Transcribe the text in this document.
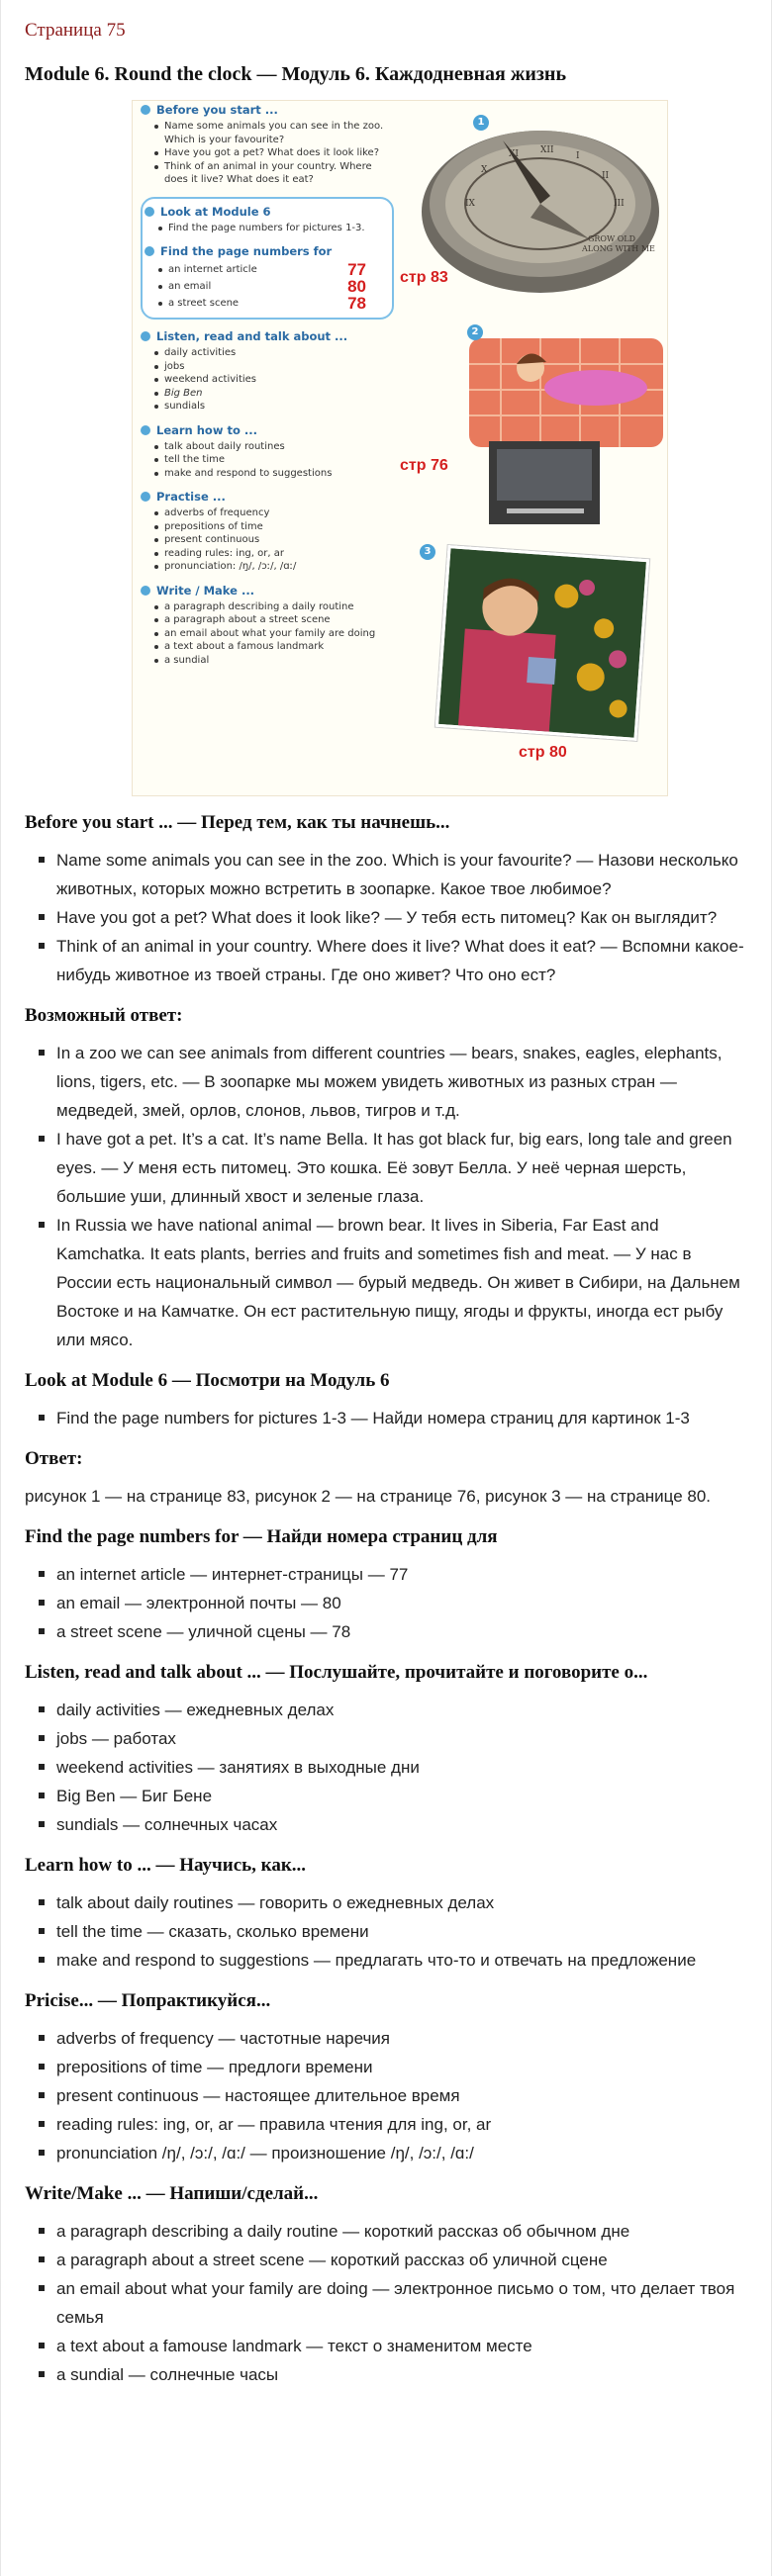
Страница 75
Module 6. Round the clock — Модуль 6. Каждодневная жизнь
Before you start ...
Name some animals you can see in the zoo. Which is your favourite?
Have you got a pet? What does it look like?
Think of an animal in your country. Where does it live? What does it eat?
Look at Module 6
Find the page numbers for pictures 1-3.
Find the page numbers for
an internet article	77
an email	80
a street scene	78
Listen, read and talk about ...
daily activities
jobs
weekend activities
Big Ben
sundials
Learn how to ...
talk about daily routines
tell the time
make and respond to suggestions
Practise ...
adverbs of frequency
prepositions of time
present continuous
reading rules: ing, or, ar
pronunciation: /ŋ/, /ɔː/, /ɑː/
Write / Make ...
a paragraph describing a daily routine
a paragraph about a street scene
an email about what your family are doing
a text about a famous landmark
a sundial
GROW OLD
ALONG WITH ME
IX
X
XI XII
I
II
III
1
стр 83
2
стр 76
3
стр 80
Before you start ... — Перед тем, как ты начнешь...
Name some animals you can see in the zoo. Which is your favourite? — Назови несколько животных, которых можно встретить в зоопарке. Какое твое любимое?
Have you got a pet? What does it look like? — У тебя есть питомец? Как он выглядит?
Think of an animal in your country. Where does it live? What does it eat? — Вспомни какое-нибудь животное из твоей страны. Где оно живет? Что оно ест?
Возможный ответ:
In a zoo we can see animals from different countries — bears, snakes, eagles, elephants, lions, tigers, etc. — В зоопарке мы можем увидеть животных из разных стран — медведей, змей, орлов, слонов, львов, тигров и т.д.
I have got a pet. It’s a cat. It’s name Bella. It has got black fur, big ears, long tale and green eyes. — У меня есть питомец. Это кошка. Её зовут Белла. У неё черная шерсть, большие уши, длинный хвост и зеленые глаза.
In Russia we have national animal — brown bear. It lives in Siberia, Far East and Kamchatka. It eats plants, berries and fruits and sometimes fish and meat. — У нас в России есть национальный символ — бурый медведь. Он живет в Сибири, на Дальнем Востоке и на Камчатке. Он ест растительную пищу, ягоды и фрукты, иногда ест рыбу или мясо.
Look at Module 6 — Посмотри на Модуль 6
Find the page numbers for pictures 1-3 — Найди номера страниц для картинок 1-3
Ответ:

рисунок 1 — на странице 83, рисунок 2 — на странице 76, рисунок 3 — на странице 80.

Find the page numbers for — Найди номера страниц для
an internet article — интернет-страницы — 77
an email — электронной почты — 80
a street scene — уличной сцены — 78
Listen, read and talk about ... — Послушайте, прочитайте и поговорите о...
daily activities — ежедневных делах
jobs — работах
weekend activities — занятиях в выходные дни
Big Ben — Биг Бене
sundials — солнечных часах
Learn how to ... — Научись, как...
talk about daily routines — говорить о ежедневных делах
tell the time — сказать, сколько времени
make and respond to suggestions — предлагать что-то и отвечать на предложение
Pricise... — Попрактикуйся...
adverbs of frequency — частотные наречия
prepositions of time — предлоги времени
present continuous — настоящее длительное время
reading rules: ing, or, ar — правила чтения для ing, or, ar
pronunciation /ŋ/, /ɔ:/, /ɑ:/ — произношение /ŋ/, /ɔ:/, /ɑ:/
Write/Make ... — Напиши/сделай...
a paragraph describing a daily routine — короткий рассказ об обычном дне
a paragraph about a street scene — короткий рассказ об уличной сцене
an email about what your family are doing — электронное письмо о том, что делает твоя семья
a text about a famouse landmark — текст о знаменитом месте
a sundial — солнечные часы
